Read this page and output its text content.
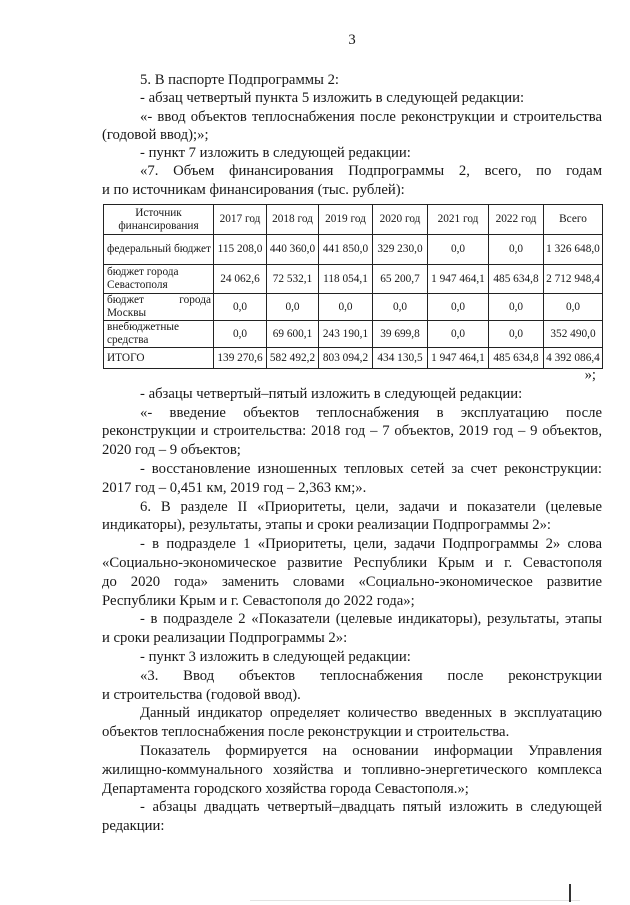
3
5. В паспорте Подпрограммы 2:
- абзац четвертый пункта 5 изложить в следующей редакции:
«- ввод объектов теплоснабжения после реконструкции и строительства
(годовой ввод);»;
- пункт 7 изложить в следующей редакции:
«7. Объем финансирования Подпрограммы 2, всего, по годам
и по источникам финансирования (тыс. рублей):
Источник финансирования	2017 год	2018 год	2019 год	2020 год	2021 год	2022 год	Всего
федеральный бюджет	115 208,0	440 360,0	441 850,0	329 230,0	0,0	0,0	1 326 648,0
бюджет города Севастополя	24 062,6	72 532,1	118 054,1	65 200,7	1 947 464,1	485 634,8	2 712 948,4
бюджет города Москвы	0,0	0,0	0,0	0,0	0,0	0,0	0,0
внебюджетные средства	0,0	69 600,1	243 190,1	39 699,8	0,0	0,0	352 490,0
ИТОГО	139 270,6	582 492,2	803 094,2	434 130,5	1 947 464,1	485 634,8	4 392 086,4
»;
- абзацы четвертый–пятый изложить в следующей редакции:
«- введение объектов теплоснабжения в эксплуатацию после
реконструкции и строительства: 2018 год – 7 объектов, 2019 год – 9 объектов,
2020 год – 9 объектов;
- восстановление изношенных тепловых сетей за счет реконструкции:
2017 год – 0,451 км, 2019 год – 2,363 км;».
6. В разделе II «Приоритеты, цели, задачи и показатели (целевые
индикаторы), результаты, этапы и сроки реализации Подпрограммы 2»:
- в подразделе 1 «Приоритеты, цели, задачи Подпрограммы 2» слова
«Социально-экономическое развитие Республики Крым и г. Севастополя
до 2020 года» заменить словами «Социально-экономическое развитие
Республики Крым и г. Севастополя до 2022 года»;
- в подразделе 2 «Показатели (целевые индикаторы), результаты, этапы
и сроки реализации Подпрограммы 2»:
- пункт 3 изложить в следующей редакции:
«3. Ввод объектов теплоснабжения после реконструкции
и строительства (годовой ввод).
Данный индикатор определяет количество введенных в эксплуатацию
объектов теплоснабжения после реконструкции и строительства.
Показатель формируется на основании информации Управления
жилищно-коммунального хозяйства и топливно-энергетического комплекса
Департамента городского хозяйства города Севастополя.»;
- абзацы двадцать четвертый–двадцать пятый изложить в следующей
редакции:
